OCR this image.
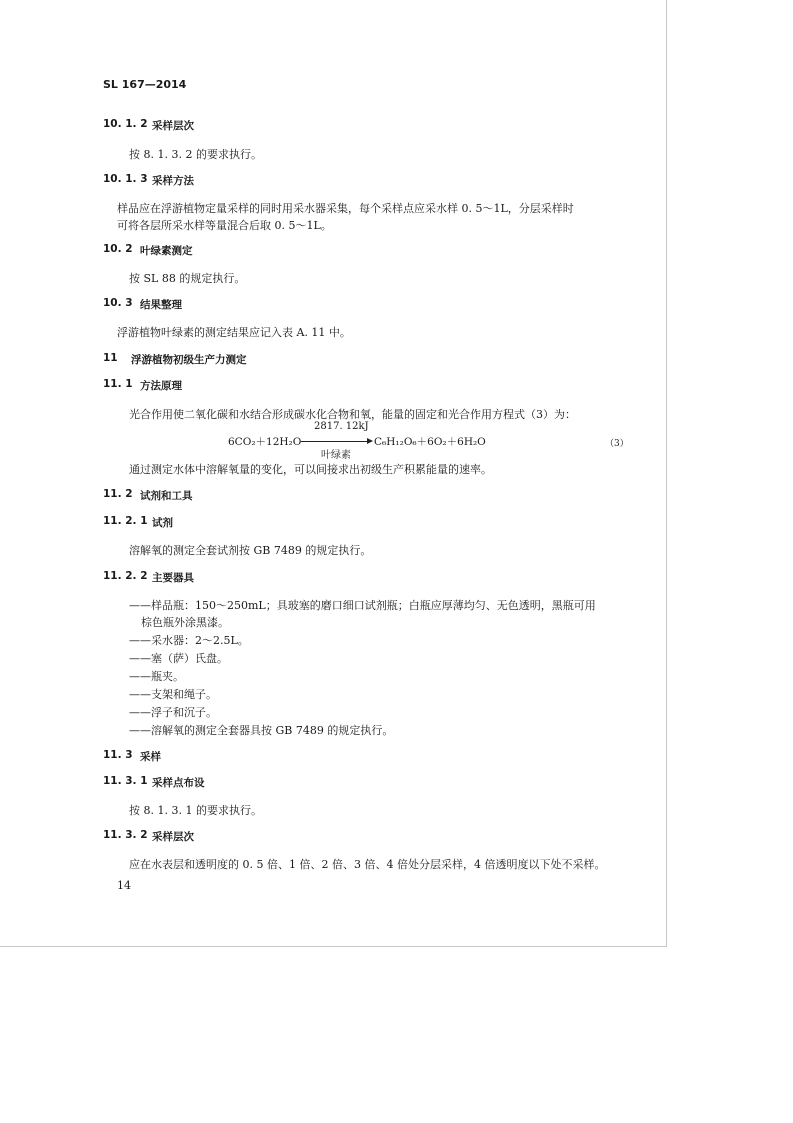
SL 167—2014
10. 1. 2 采样层次
按 8. 1. 3. 2 的要求执行。
10. 1. 3 采样方法
样品应在浮游植物定量采样的同时用采水器采集，每个采样点应采水样 0. 5～1L，分层采样时
可将各层所采水样等量混合后取 0. 5～1L。
10. 2 叶绿素测定
按 SL 88 的规定执行。
10. 3 结果整理
浮游植物叶绿素的测定结果应记入表 A. 11 中。
11 浮游植物初级生产力测定
11. 1 方法原理
光合作用使二氧化碳和水结合形成碳水化合物和氧，能量的固定和光合作用方程式（3）为：
6CO₂＋12H₂O
2817. 12kJ
叶绿素
C₆H₁₂O₆＋6O₂＋6H₂O	（3）
通过测定水体中溶解氧量的变化，可以间接求出初级生产积累能量的速率。
11. 2 试剂和工具
11. 2. 1 试剂
溶解氧的测定全套试剂按 GB 7489 的规定执行。
11. 2. 2 主要器具
——样品瓶：150～250mL；具玻塞的磨口细口试剂瓶；白瓶应厚薄均匀、无色透明，黑瓶可用
棕色瓶外涂黑漆。
——采水器：2～2.5L。
——塞（萨）氏盘。
——瓶夹。
——支架和绳子。
——浮子和沉子。
——溶解氧的测定全套器具按 GB 7489 的规定执行。
11. 3 采样
11. 3. 1 采样点布设
按 8. 1. 3. 1 的要求执行。
11. 3. 2 采样层次
应在水表层和透明度的 0. 5 倍、1 倍、2 倍、3 倍、4 倍处分层采样，4 倍透明度以下处不采样。
14
